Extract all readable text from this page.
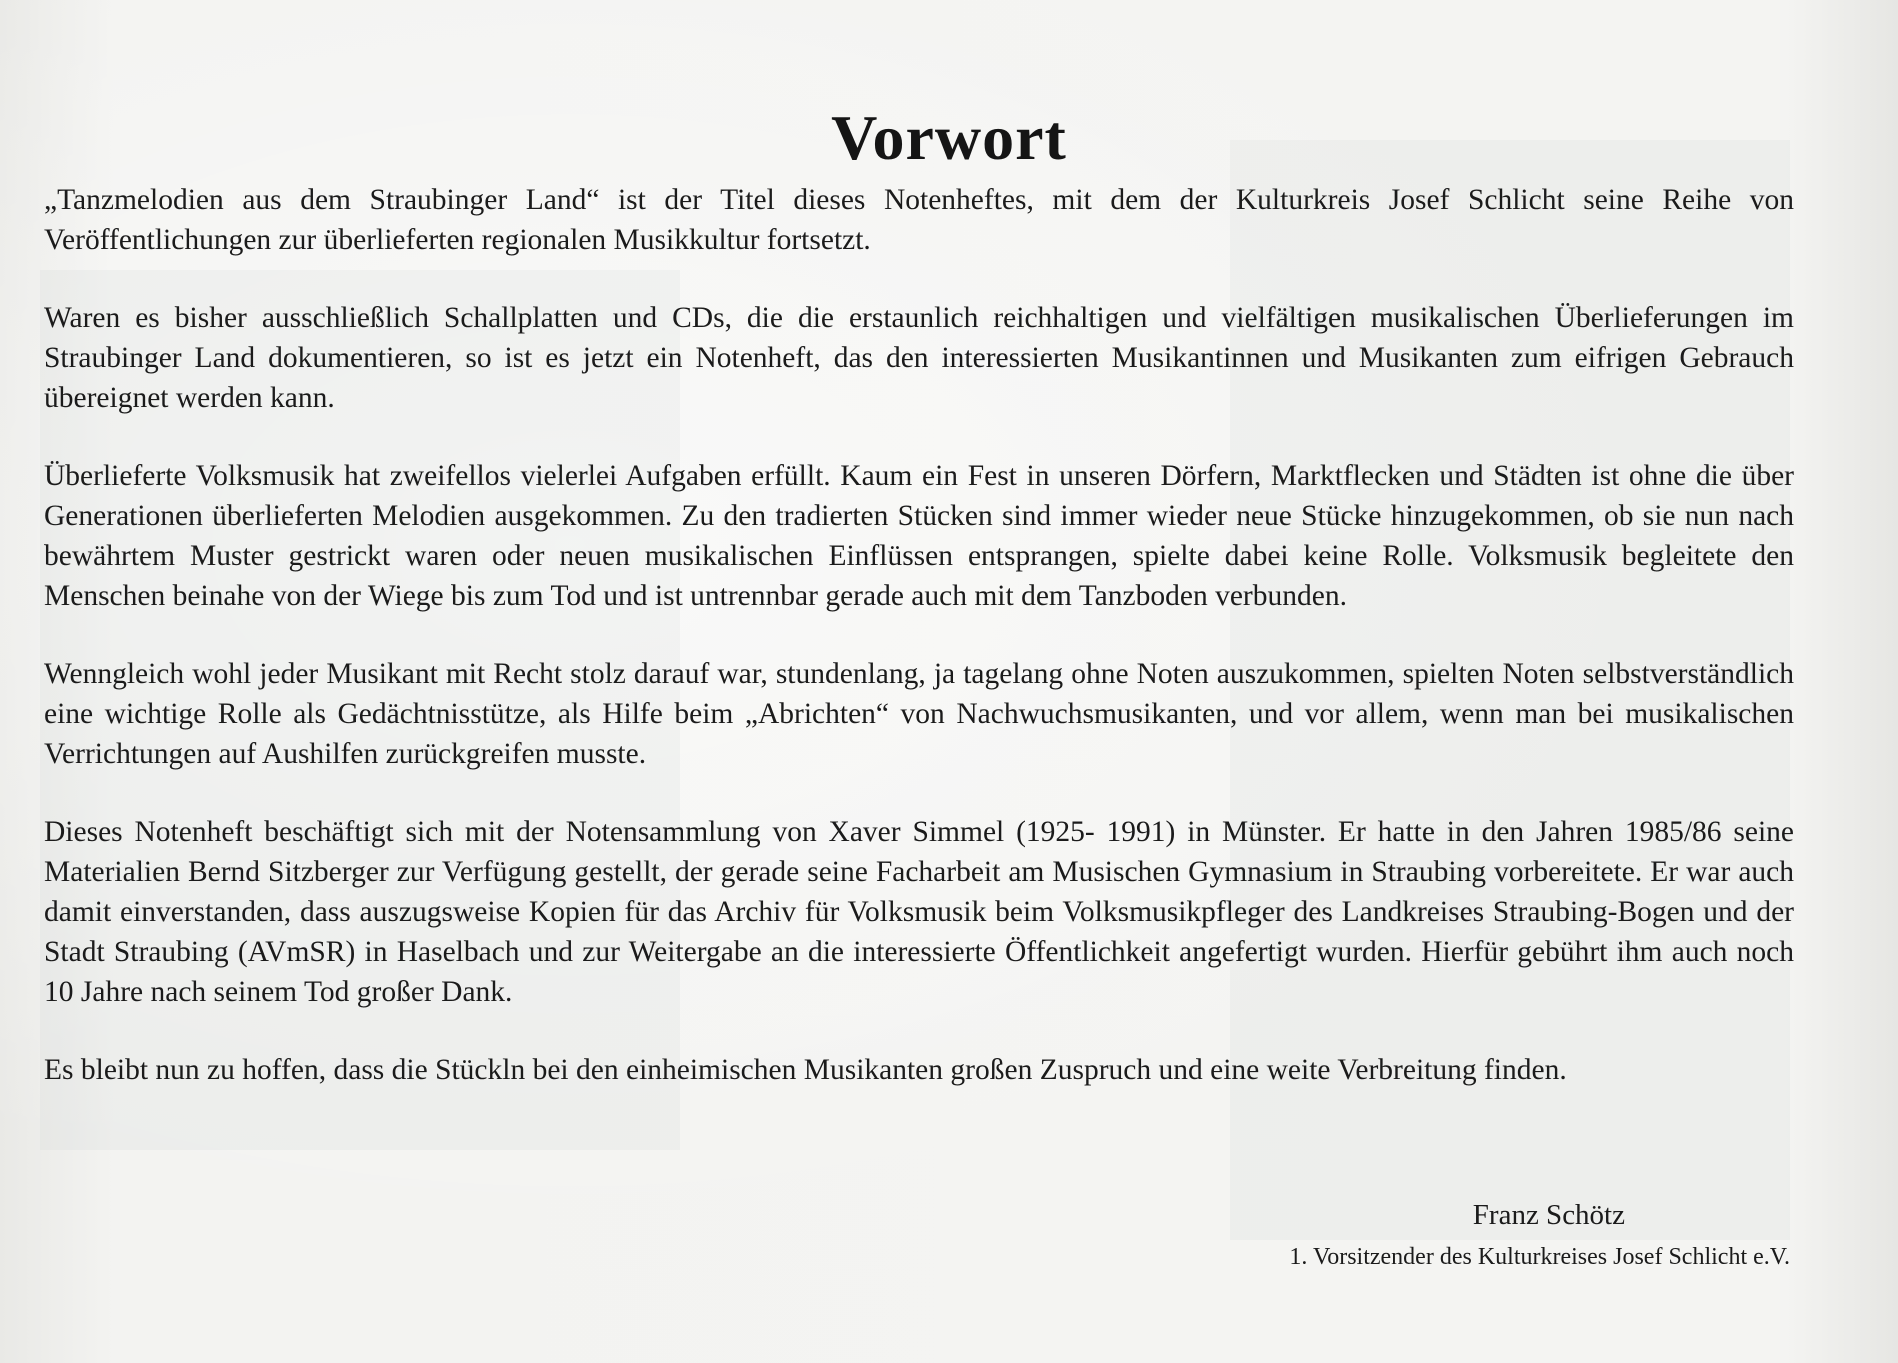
Vorwort

„Tanzmelodien aus dem Straubinger Land“ ist der Titel dieses Notenheftes, mit dem der Kulturkreis Josef Schlicht seine Reihe von Veröffentlichungen zur überlieferten regionalen Musikkultur fortsetzt.

Waren es bisher ausschließlich Schallplatten und CDs, die die erstaunlich reichhaltigen und vielfältigen musikalischen Überlieferungen im Straubinger Land dokumentieren, so ist es jetzt ein Notenheft, das den interessierten Musikantinnen und Musikanten zum eifrigen Gebrauch übereignet werden kann.

Überlieferte Volksmusik hat zweifellos vielerlei Aufgaben erfüllt. Kaum ein Fest in unseren Dörfern, Marktflecken und Städten ist ohne die über Generationen überlieferten Melodien ausgekommen. Zu den tradierten Stücken sind immer wieder neue Stücke hinzugekommen, ob sie nun nach bewährtem Muster gestrickt waren oder neuen musikalischen Einflüssen entsprangen, spielte dabei keine Rolle. Volksmusik begleitete den Menschen beinahe von der Wiege bis zum Tod und ist untrennbar gerade auch mit dem Tanzboden verbunden.

Wenngleich wohl jeder Musikant mit Recht stolz darauf war, stundenlang, ja tagelang ohne Noten auszukommen, spielten Noten selbstverständlich eine wichtige Rolle als Gedächtnisstütze, als Hilfe beim „Abrichten“ von Nachwuchsmusikanten, und vor allem, wenn man bei musikalischen Verrichtungen auf Aushilfen zurückgreifen musste.

Dieses Notenheft beschäftigt sich mit der Notensammlung von Xaver Simmel (1925- 1991) in Münster. Er hatte in den Jahren 1985/86 seine Materialien Bernd Sitzberger zur Verfügung gestellt, der gerade seine Facharbeit am Musischen Gymnasium in Straubing vorbereitete. Er war auch damit einverstanden, dass auszugsweise Kopien für das Archiv für Volksmusik beim Volksmusikpfleger des Landkreises Straubing-Bogen und der Stadt Straubing (AVmSR) in Haselbach und zur Weitergabe an die interessierte Öffentlichkeit angefertigt wurden. Hierfür gebührt ihm auch noch 10 Jahre nach seinem Tod großer Dank.

Es bleibt nun zu hoffen, dass die Stückln bei den einheimischen Musikanten großen Zuspruch und eine weite Verbreitung finden.

Franz Schötz
1. Vorsitzender des Kulturkreises Josef Schlicht e.V.
